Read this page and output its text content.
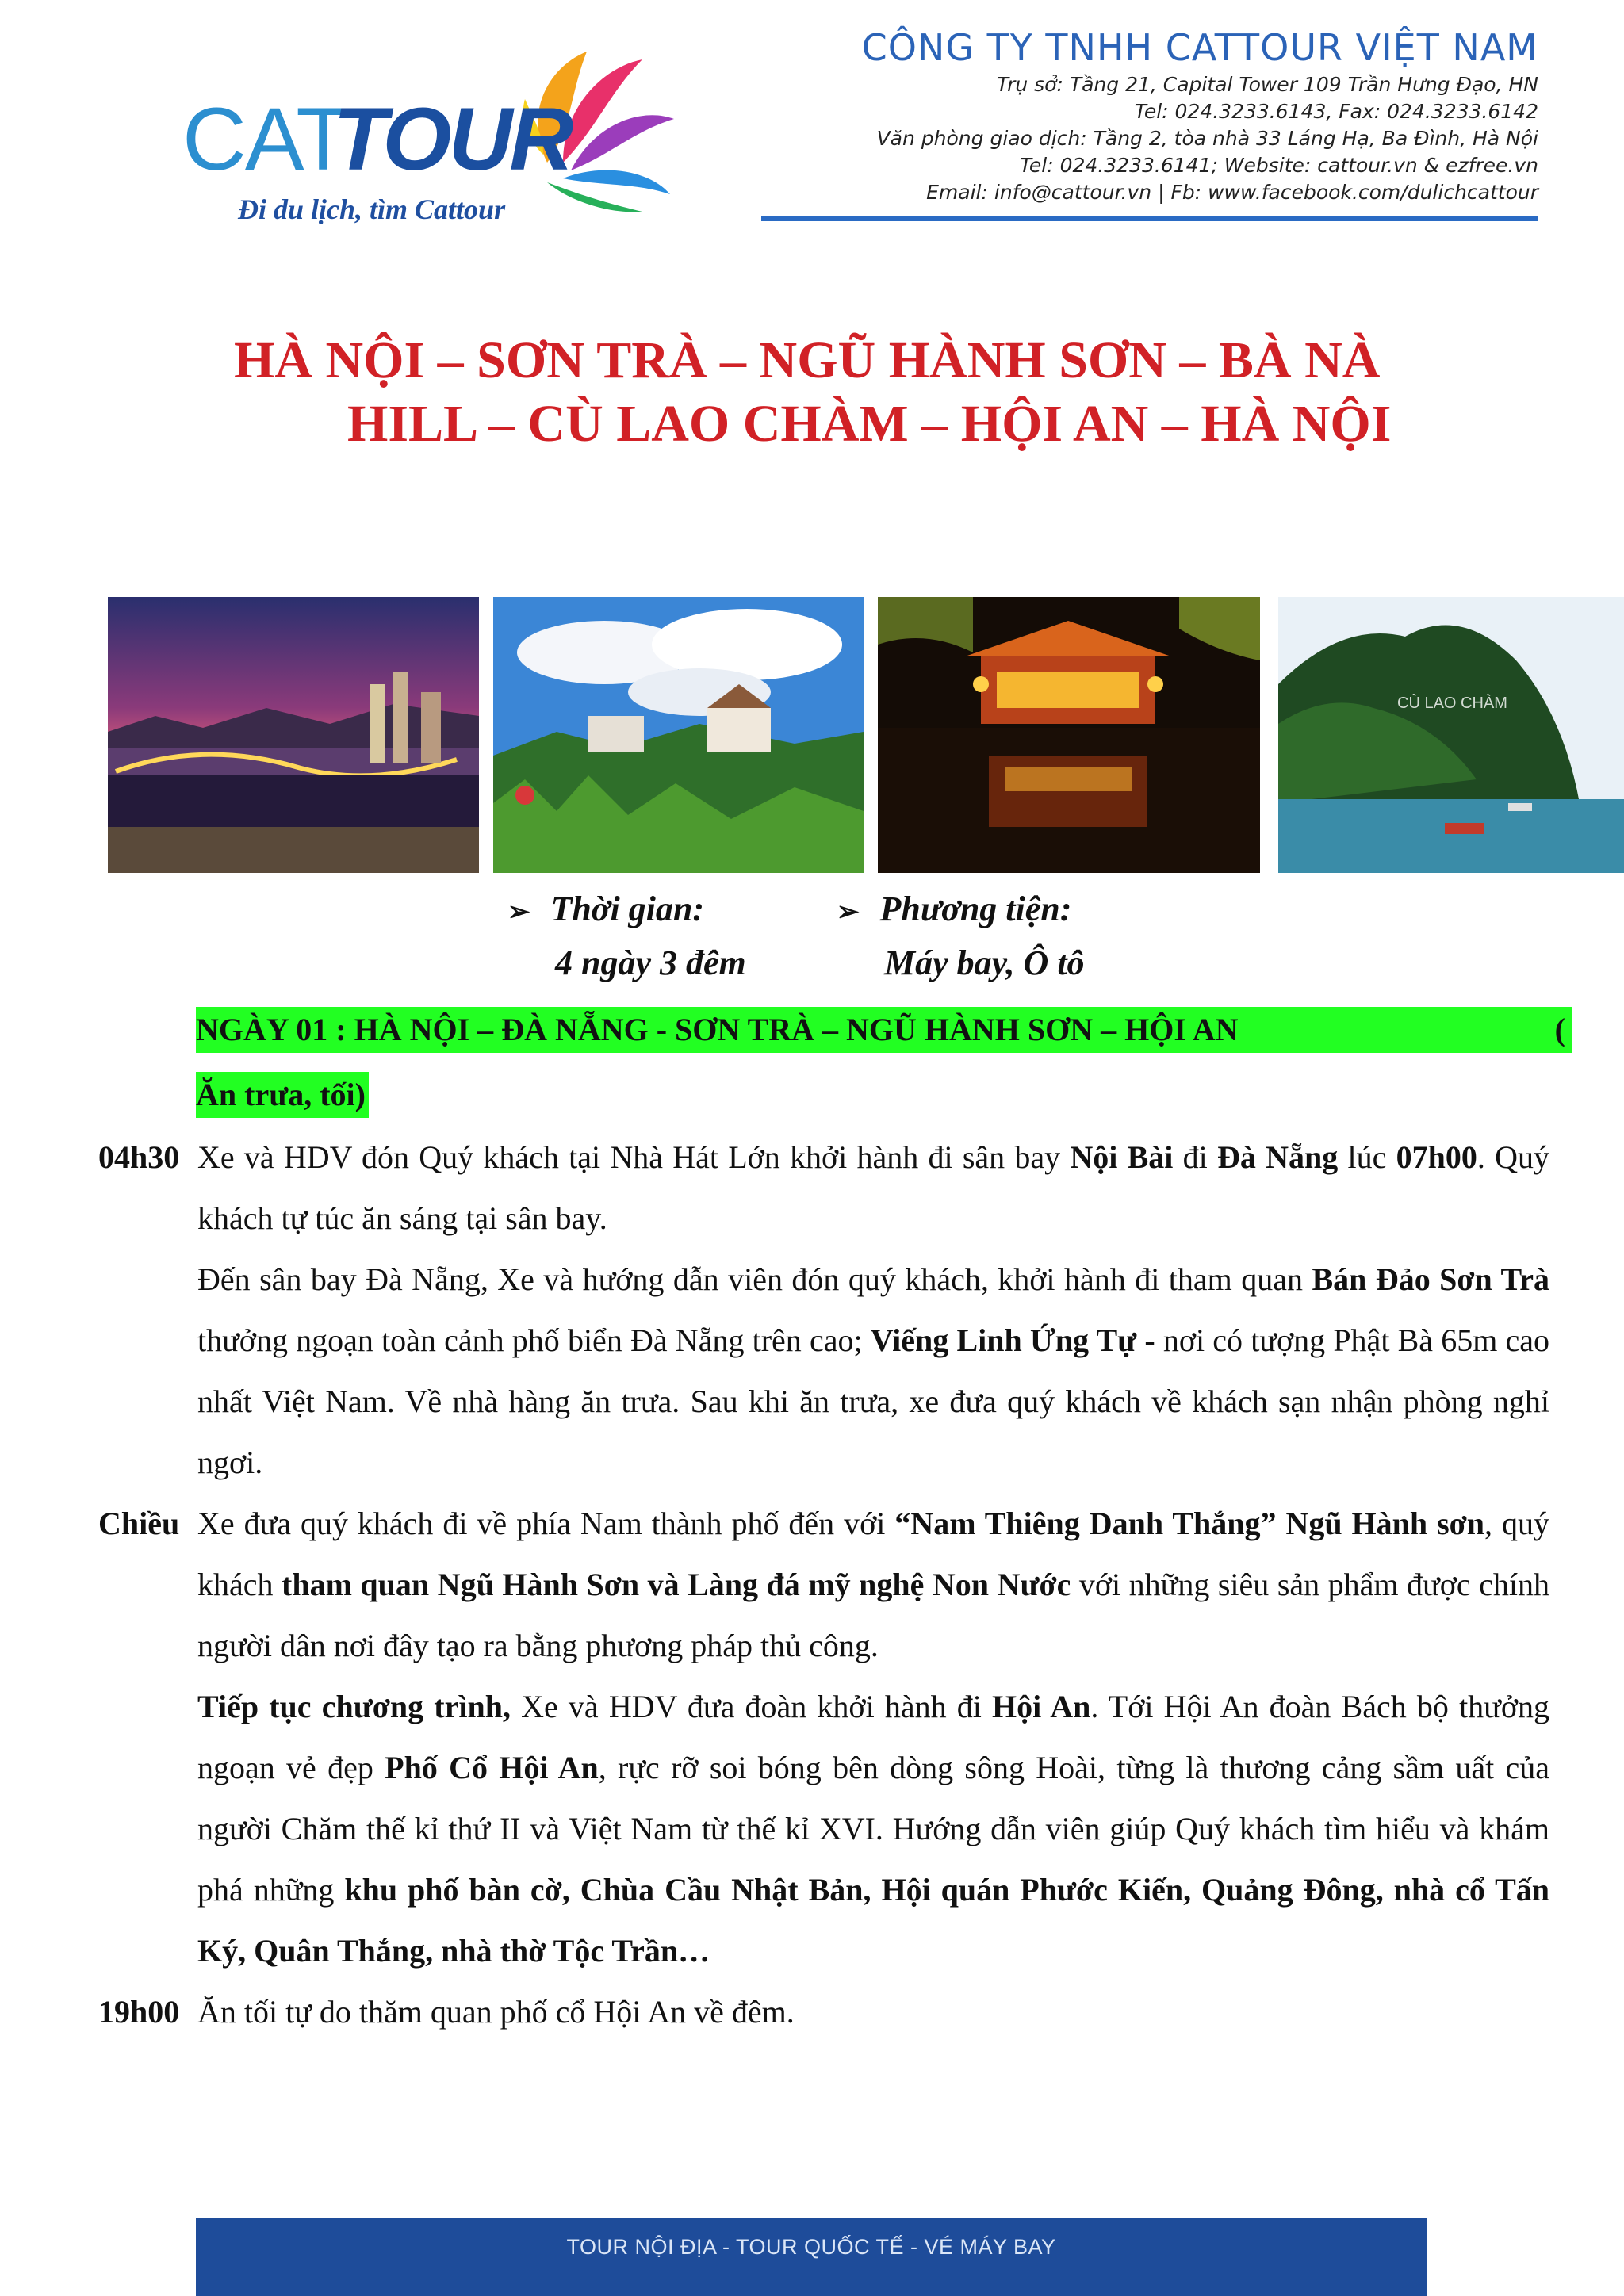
CAT
TOUR
Đi du lịch, tìm Cattour
CÔNG TY TNHH CATTOUR VIỆT NAM
Trụ sở: Tầng 21, Capital Tower 109 Trần Hưng Đạo, HN
Tel: 024.3233.6143, Fax: 024.3233.6142
Văn phòng giao dịch: Tầng 2, tòa nhà 33 Láng Hạ, Ba Đình, Hà Nội
Tel: 024.3233.6141; Website: cattour.vn & ezfree.vn
Email: info@cattour.vn | Fb: www.facebook.com/dulichcattour
HÀ NỘI – SƠN TRÀ – NGŨ HÀNH SƠN – BÀ NÀ
HILL – CÙ LAO CHÀM – HỘI AN – HÀ NỘI
CÙ LAO CHÀM
➢ Thời gian:
4 ngày 3 đêm
➢ Phương tiện:
Máy bay, Ô tô
NGÀY 01 : HÀ NỘI – ĐÀ NẴNG - SƠN TRÀ – NGŨ HÀNH SƠN – HỘI AN	(
Ăn trưa, tối)
04h30 Xe và HDV đón Quý khách tại Nhà Hát Lớn khởi hành đi sân bay Nội Bài đi Đà Nẵng lúc 07h00. Quý khách tự túc ăn sáng tại sân bay.

Đến sân bay Đà Nẵng, Xe và hướng dẫn viên đón quý khách, khởi hành đi tham quan Bán Đảo Sơn Trà thưởng ngoạn toàn cảnh phố biển Đà Nẵng trên cao; Viếng Linh Ứng Tự - nơi có tượng Phật Bà 65m cao nhất Việt Nam. Về nhà hàng ăn trưa. Sau khi ăn trưa, xe đưa quý khách về khách sạn nhận phòng nghỉ ngơi.

Chiều Xe đưa quý khách đi về phía Nam thành phố đến với “Nam Thiêng Danh Thắng” Ngũ Hành sơn, quý khách tham quan Ngũ Hành Sơn và Làng đá mỹ nghệ Non Nước với những siêu sản phẩm được chính người dân nơi đây tạo ra bằng phương pháp thủ công.

Tiếp tục chương trình, Xe và HDV đưa đoàn khởi hành đi Hội An. Tới Hội An đoàn Bách bộ thưởng ngoạn vẻ đẹp Phố Cổ Hội An, rực rỡ soi bóng bên dòng sông Hoài, từng là thương cảng sầm uất của người Chăm thế kỉ thứ II và Việt Nam từ thế kỉ XVI. Hướng dẫn viên giúp Quý khách tìm hiểu và khám phá những khu phố bàn cờ, Chùa Cầu Nhật Bản, Hội quán Phước Kiến, Quảng Đông, nhà cổ Tấn Ký, Quân Thắng, nhà thờ Tộc Trần…

19h00 Ăn tối tự do thăm quan phố cổ Hội An về đêm.

TOUR NỘI ĐỊA - TOUR QUỐC TẾ - VÉ MÁY BAY
